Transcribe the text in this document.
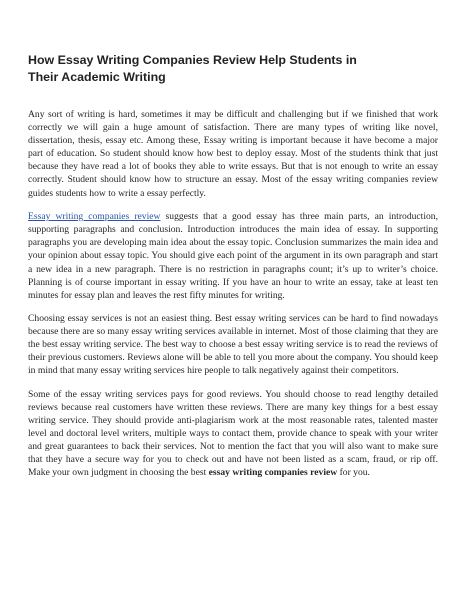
How Essay Writing Companies Review Help Students in Their Academic Writing

Any sort of writing is hard, sometimes it may be difficult and challenging but if we finished that work correctly we will gain a huge amount of satisfaction. There are many types of writing like novel, dissertation, thesis, essay etc. Among these, Essay writing is important because it have become a major part of education. So student should know how best to deploy essay. Most of the students think that just because they have read a lot of books they able to write essays. But that is not enough to write an essay correctly. Student should know how to structure an essay. Most of the essay writing companies review guides students how to write a essay perfectly.

Essay writing companies review suggests that a good essay has three main parts, an introduction, supporting paragraphs and conclusion. Introduction introduces the main idea of essay. In supporting paragraphs you are developing main idea about the essay topic. Conclusion summarizes the main idea and your opinion about essay topic. You should give each point of the argument in its own paragraph and start a new idea in a new paragraph. There is no restriction in paragraphs count; it’s up to writer’s choice. Planning is of course important in essay writing. If you have an hour to write an essay, take at least ten minutes for essay plan and leaves the rest fifty minutes for writing.

Choosing essay services is not an easiest thing. Best essay writing services can be hard to find nowadays because there are so many essay writing services available in internet. Most of those claiming that they are the best essay writing service. The best way to choose a best essay writing service is to read the reviews of their previous customers. Reviews alone will be able to tell you more about the company. You should keep in mind that many essay writing services hire people to talk negatively against their competitors.

Some of the essay writing services pays for good reviews. You should choose to read lengthy detailed reviews because real customers have written these reviews. There are many key things for a best essay writing service. They should provide anti-plagiarism work at the most reasonable rates, talented master level and doctoral level writers, multiple ways to contact them, provide chance to speak with your writer and great guarantees to back their services. Not to mention the fact that you will also want to make sure that they have a secure way for you to check out and have not been listed as a scam, fraud, or rip off. Make your own judgment in choosing the best essay writing companies review for you.
